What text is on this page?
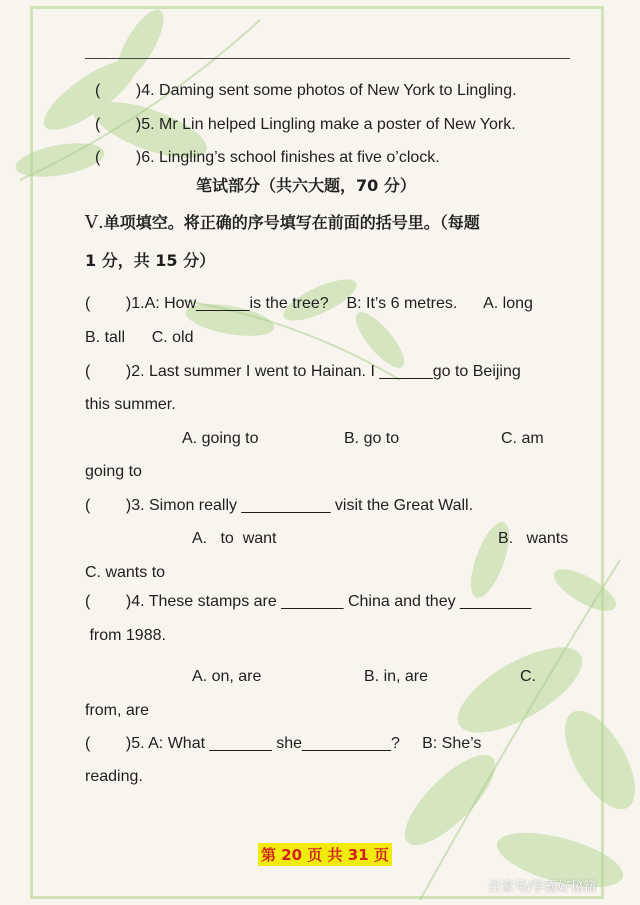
(        )4. Daming sent some photos of New York to Lingling.
(        )5. Mr Lin helped Lingling make a poster of New York.
(        )6. Lingling’s school finishes at five o’clock.
笔试部分（共六大题，70 分）
Ⅴ.单项填空。将正确的序号填写在前面的括号里。（每题
1 分，共 15 分）
(        )1.A: How______is the tree?    B: It’s 6 metres.      A. long
B. tall      C. old
(        )2. Last summer I went to Hainan. I ______go to Beijing
this summer.
A. going to	B. go to	C. am
going to
(        )3. Simon really __________ visit the Great Wall.
A.   to  want	B.   wants
C. wants to
(        )4. These stamps are _______ China and they ________
from 1988.
A. on, are	B. in, are	C.
from, are
(        )5. A: What _______ she__________?     B: She’s
reading.
第 20 页 共 31 页
百家号/学霸好秘籍
